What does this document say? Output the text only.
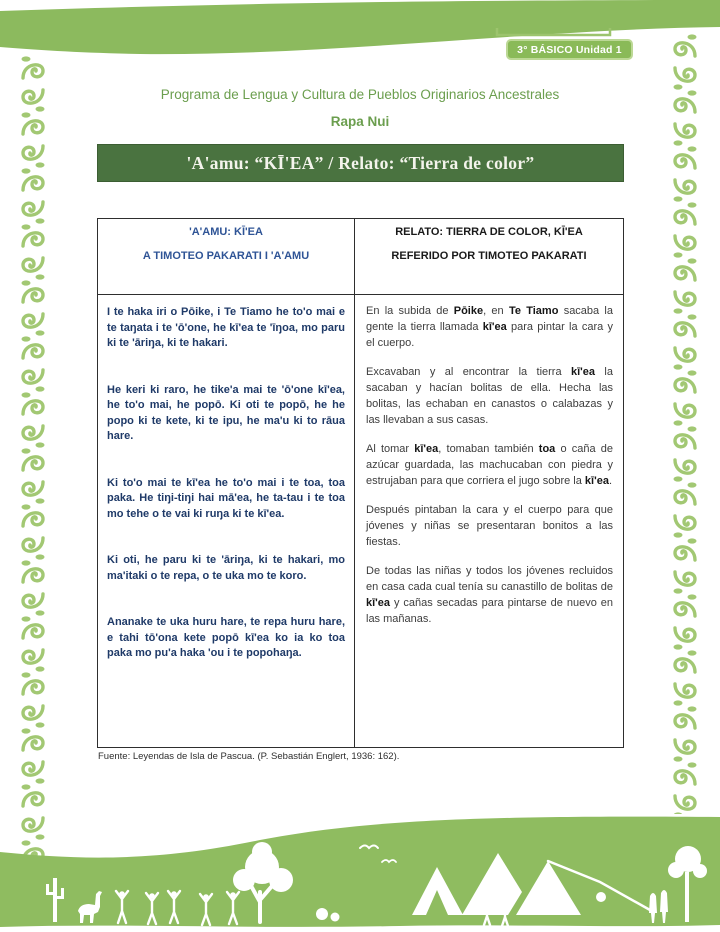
3° BÁSICO Unidad 1
Programa de Lengua y Cultura de Pueblos Originarios Ancestrales
Rapa Nui
'A'amu: “KĪ'EA” / Relato: “Tierra de color”
'A'AMU: KĪ'EA
A TIMOTEO PAKARATI I 'A'AMU
RELATO: TIERRA DE COLOR, KĪ'EA
REFERIDO POR TIMOTEO PAKARATI

I te haka iri o Pōike, i Te Tiamo he to'o mai e te taŋata i te 'ō'one, he kī'ea te 'īŋoa, mo paru ki te 'āriŋa, ki te hakari.

He keri ki raro, he tike'a mai te 'ō'one kī'ea, he to'o mai, he popō. Ki oti te popō, he he popo ki te kete, ki te ipu, he ma'u ki to rāua hare.

Ki to'o mai te kī'ea he to'o mai i te toa, toa paka. He tiŋi-tiŋi hai mā'ea, he ta-tau i te toa mo tehe o te vai ki ruŋa ki te kī'ea.

Ki oti, he paru ki te 'āriŋa, ki te hakari, mo ma'itaki o te repa, o te uka mo te koro.

Ananake te uka huru hare, te repa huru hare, e tahi tō'ona kete popō kī'ea ko ia ko toa paka mo pu'a haka 'ou i te popohaŋa.

En la subida de Pōike, en Te Tiamo sacaba la gente la tierra llamada kī'ea para pintar la cara y el cuerpo.

Excavaban y al encontrar la tierra kī'ea la sacaban y hacían bolitas de ella. Hecha las bolitas, las echaban en canastos o calabazas y las llevaban a sus casas.

Al tomar kī'ea, tomaban también toa o caña de azúcar guardada, las machucaban con piedra y estrujaban para que corriera el jugo sobre la kī'ea.

Después pintaban la cara y el cuerpo para que jóvenes y niñas se presentaran bonitos a las fiestas.

De todas las niñas y todos los jóvenes recluidos en casa cada cual tenía su canastillo de bolitas de kī'ea y cañas secadas para pintarse de nuevo en las mañanas.

Fuente: Leyendas de Isla de Pascua. (P. Sebastián Englert, 1936: 162).
